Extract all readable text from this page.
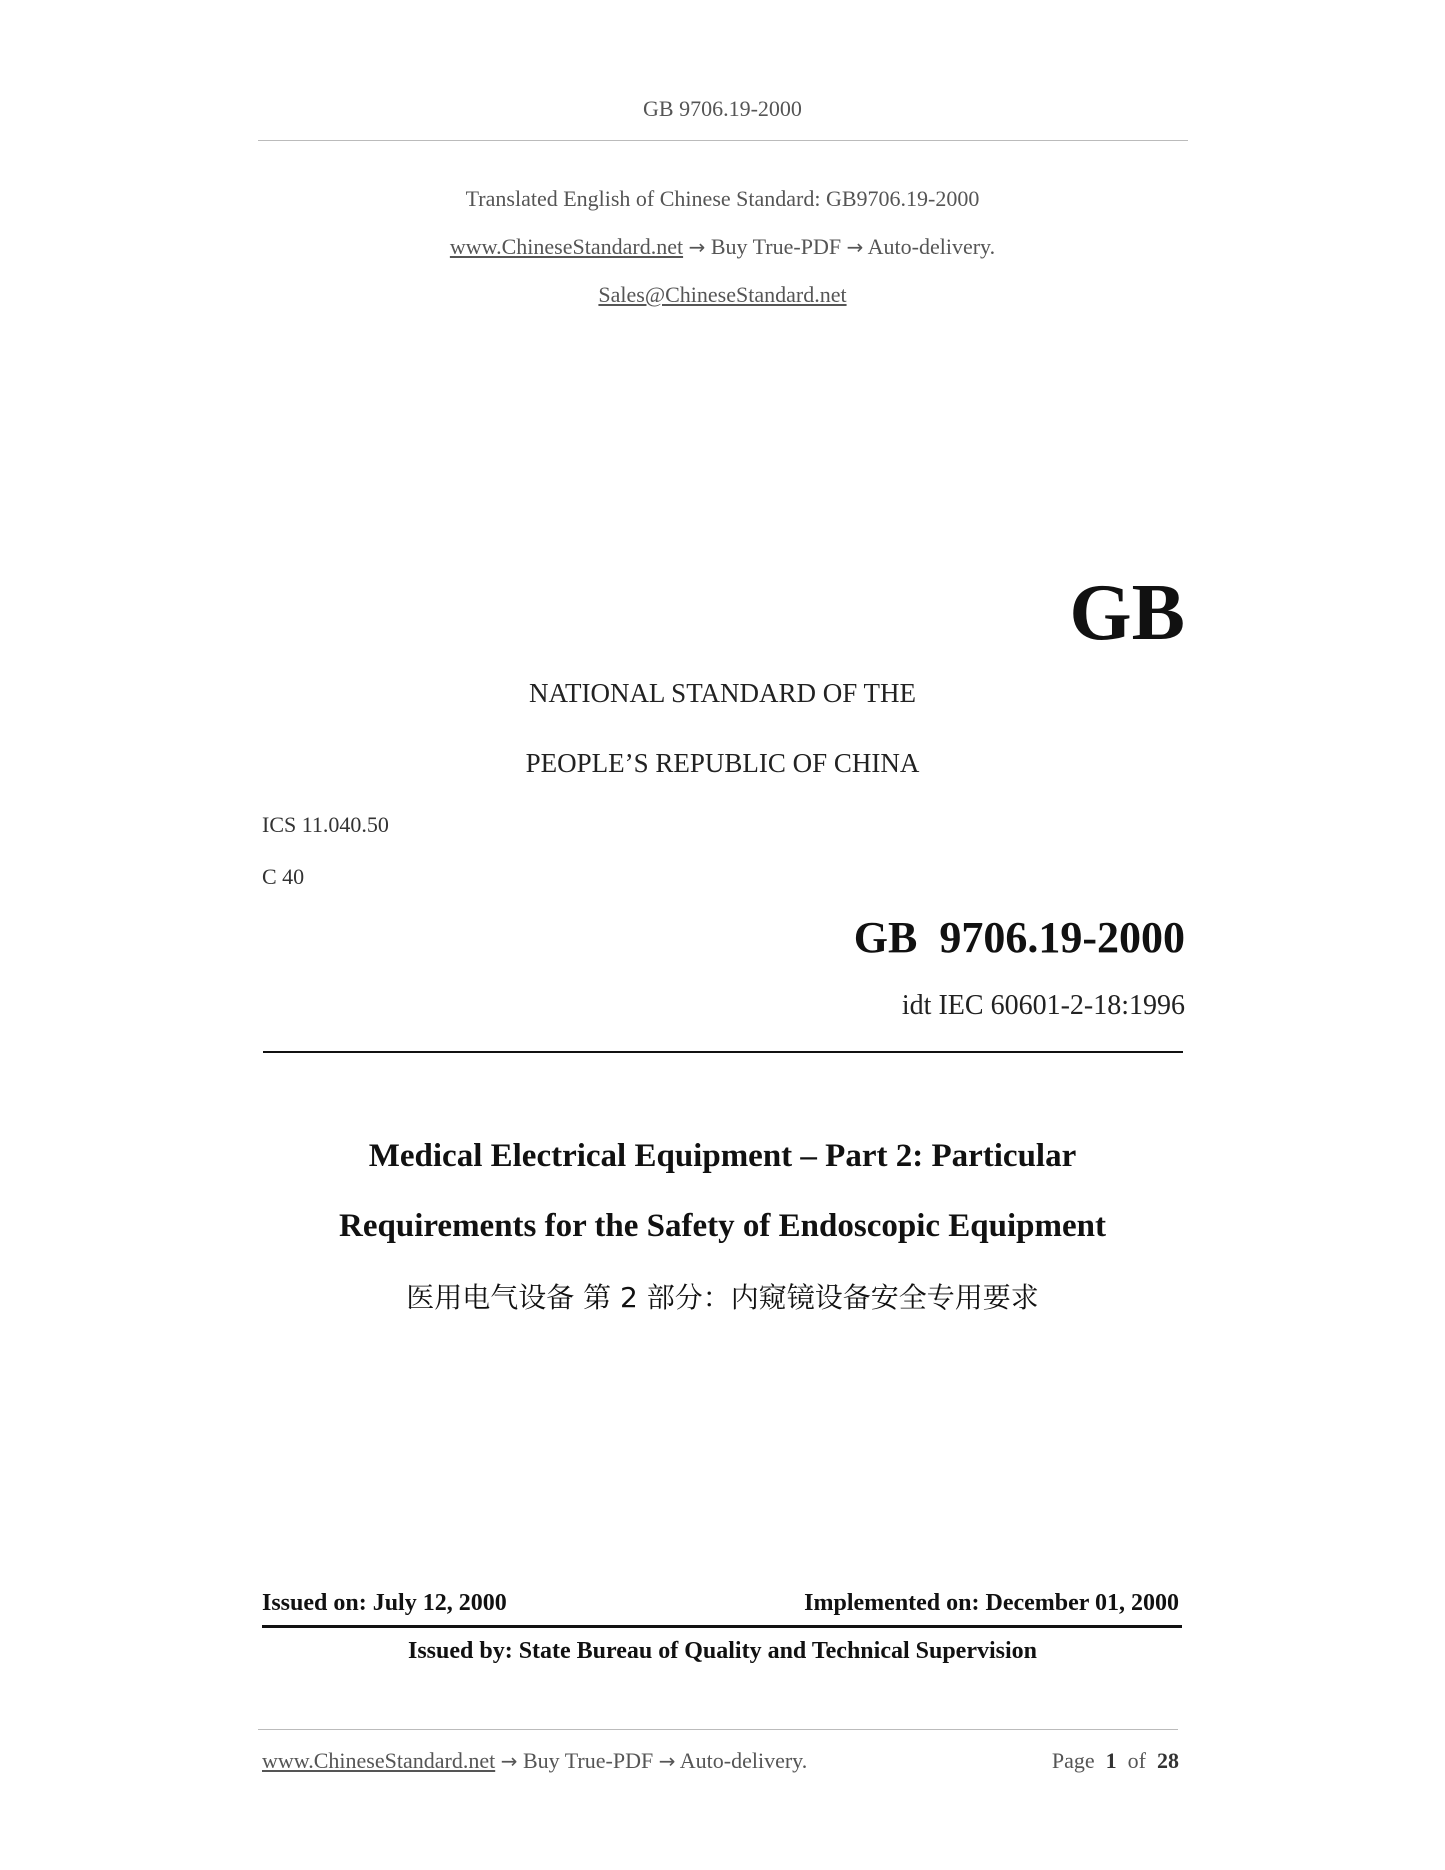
GB 9706.19-2000
Translated English of Chinese Standard: GB9706.19-2000
www.ChineseStandard.net → Buy True-PDF → Auto-delivery.
Sales@ChineseStandard.net
GB
NATIONAL STANDARD OF THE
PEOPLE’S REPUBLIC OF CHINA
ICS 11.040.50
C 40
GB  9706.19-2000
idt IEC 60601-2-18:1996
Medical Electrical Equipment – Part 2: Particular
Requirements for the Safety of Endoscopic Equipment
医用电气设备 第 2 部分：内窥镜设备安全专用要求
Issued on: July 12, 2000	Implemented on: December 01, 2000
Issued by: State Bureau of Quality and Technical Supervision
www.ChineseStandard.net → Buy True-PDF → Auto-delivery.	Page 1 of 28
